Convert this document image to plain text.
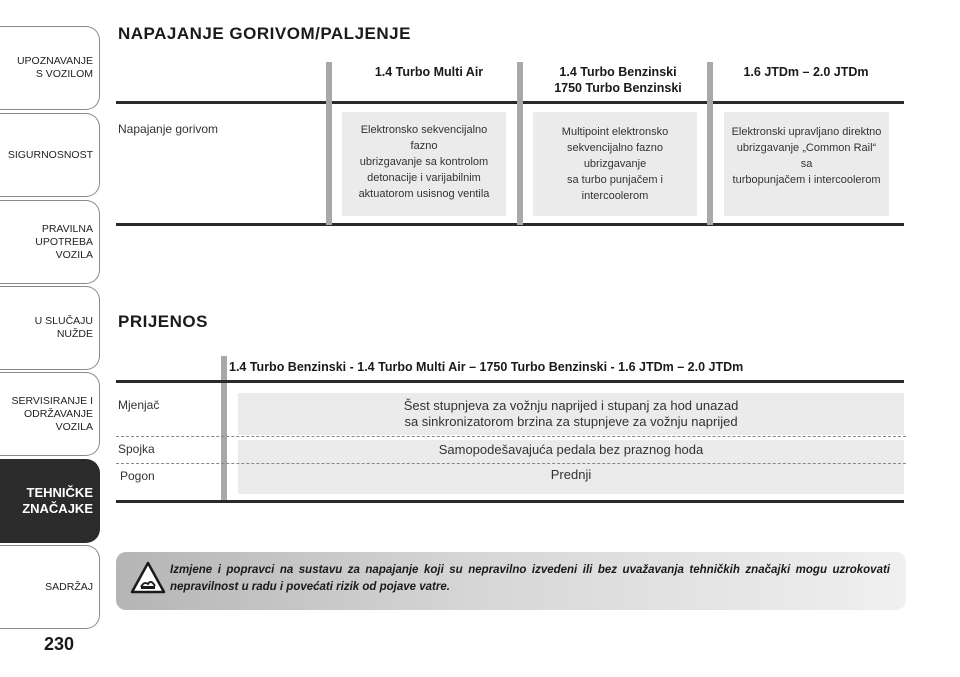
UPOZNAVANJE
S VOZILOM
SIGURNOSNOST
PRAVILNA
UPOTREBA
VOZILA
U SLUČAJU
NUŽDE
SERVISIRANJE I
ODRŽAVANJE
VOZILA
TEHNIČKE
ZNAČAJKE
SADRŽAJ
230
NAPAJANJE GORIVOM/PALJENJE
1.4 Turbo Multi Air	1.4 Turbo Benzinski
1750 Turbo Benzinski
1.6 JTDm – 2.0 JTDm
Napajanje gorivom	Elektronsko sekvencijalno fazno
ubrizgavanje sa kontrolom
detonacije i varijabilnim
aktuatorom usisnog ventila
Multipoint elektronsko
sekvencijalno fazno ubrizgavanje
sa turbo punjačem i intercoolerom
Elektronski upravljano direktno
ubrizgavanje „Common Rail“ sa
turbopunjačem i intercoolerom
PRIJENOS
1.4 Turbo Benzinski - 1.4 Turbo Multi Air – 1750 Turbo Benzinski - 1.6 JTDm – 2.0 JTDm
Mjenjač
Spojka
Pogon
Šest stupnjeva za vožnju naprijed i stupanj za hod unazad
sa sinkronizatorom brzina za stupnjeve za vožnju naprijed
Samopodešavajuća pedala bez praznog hoda
Prednji
Izmjene i popravci na sustavu za napajanje koji su nepravilno izvedeni ili bez uvažavanja tehničkih značajki mogu uzrokovati nepravilnost u radu i povećati rizik od pojave vatre.
